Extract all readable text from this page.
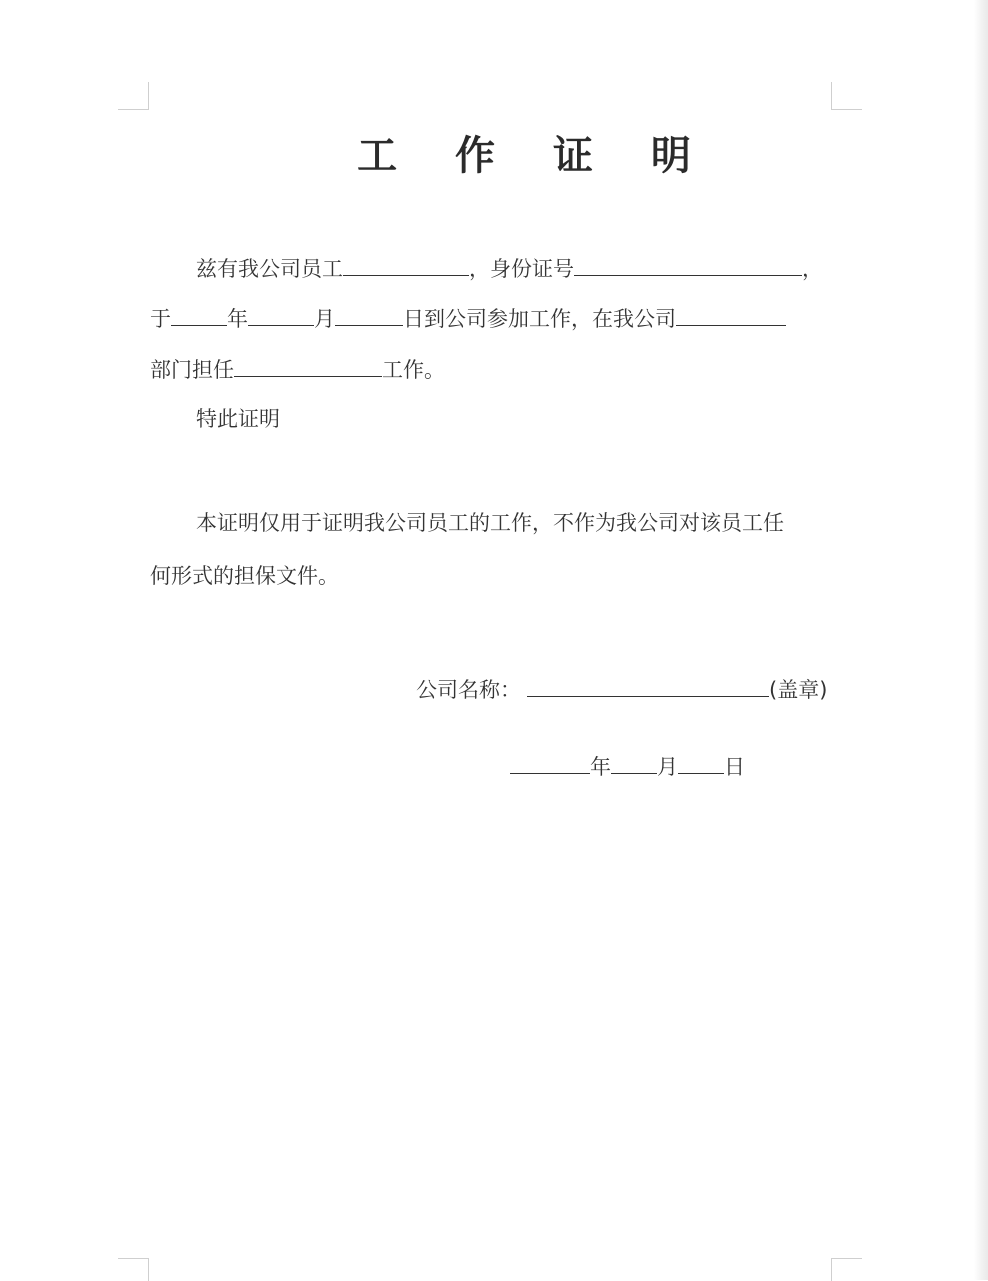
工 作 证 明
兹有我公司员工	，身份证号	，
于	年	月	日到公司参加工作，在我公司
部门担任	工作。
特此证明
本证明仅用于证明我公司员工的工作，不作为我公司对该员工任
何形式的担保文件。
公司名称：	(盖章)
年 月 日
